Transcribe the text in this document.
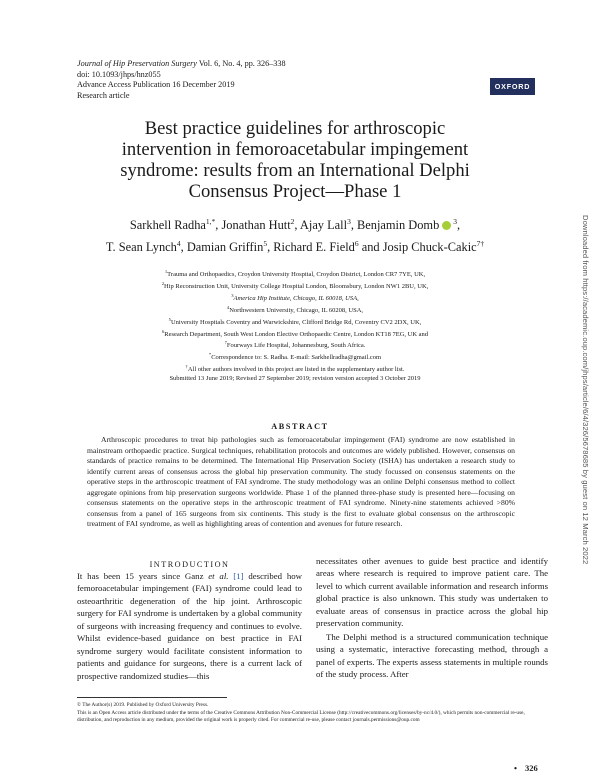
Journal of Hip Preservation Surgery Vol. 6, No. 4, pp. 326–338
doi: 10.1093/jhps/hnz055
Advance Access Publication 16 December 2019
Research article
OXFORD
Best practice guidelines for arthroscopic intervention in femoroacetabular impingement syndrome: results from an International Delphi Consensus Project—Phase 1
Sarkhell Radha$^{1,*}$, Jonathan Hutt$^2$, Ajay Lall$^3$, Benjamin Domb $^3$,
T. Sean Lynch$^4$, Damian Griffin$^5$, Richard E. Field$^6$ and Josip Chuck-Cakic$^{7\dagger}$
$^1$Trauma and Orthopaedics, Croydon University Hospital, Croydon District, London CR7 7YE, UK,
$^2$Hip Reconstruction Unit, University College Hospital London, Bloomsbury, London NW1 2BU, UK,
$^3$America Hip Institute, Chicago, IL 60018, USA,
$^4$Northwestern University, Chicago, IL 60208, USA,
$^5$University Hospitals Coventry and Warwickshire, Clifford Bridge Rd, Coventry CV2 2DX, UK,
$^6$Research Department, South West London Elective Orthopaedic Centre, London KT18 7EG, UK and
$^7$Fourways Life Hospital, Johannesburg, South Africa.
*Correspondence to: S. Radha. E-mail: Sarkhellradha@gmail.com
†All other authors involved in this project are listed in the supplementary author list.
Submitted 13 June 2019; Revised 27 September 2019; revision version accepted 3 October 2019
ABSTRACT
Arthroscopic procedures to treat hip pathologies such as femoroacetabular impingement (FAI) syndrome are now established in mainstream orthopaedic practice. Surgical techniques, rehabilitation protocols and outcomes are widely published. However, consensus on standards of practice remains to be determined. The International Hip Preservation Society (ISHA) has undertaken a research study to identify current areas of consensus across the global hip preservation community. The study focussed on consensus statements on the operative steps in the arthroscopic treatment of FAI syndrome. The study methodology was an online Delphi consensus method to collect aggregate opinions from hip preservation surgeons worldwide. Phase 1 of the planned three-phase study is presented here—focusing on consensus statements on the operative steps in the arthroscopic treatment of FAI syndrome. Ninety-nine statements achieved >80% consensus from a panel of 165 surgeons from six continents. This study is the first to evaluate global consensus on the arthroscopic treatment of FAI syndrome, as well as highlighting areas of contention and avenues for future research.
INTRODUCTION
It has been 15 years since Ganz et al. [1] described how femoroacetabular impingement (FAI) syndrome could lead to osteoarthritic degeneration of the hip joint. Arthroscopic surgery for FAI syndrome is undertaken by a global community of surgeons with increasing frequency and continues to evolve. Whilst evidence-based guidance on best practice in FAI syndrome surgery would facilitate consistent information to patients and guidance for surgeons, there is a current lack of prospective randomized studies—this

necessitates other avenues to guide best practice and identify areas where research is required to improve patient care. The level to which current available information and research informs global practice is also unknown. This study was undertaken to evaluate areas of consensus in practice across the global hip preservation community.

The Delphi method is a structured communication technique using a systematic, interactive forecasting method, through a panel of experts. The experts assess statements in multiple rounds of the study process. After

© The Author(s) 2019. Published by Oxford University Press.
This is an Open Access article distributed under the terms of the Creative Commons Attribution Non-Commercial License (http://creativecommons.org/licenses/by-nc/4.0/), which permits non-commercial re-use, distribution, and reproduction in any medium, provided the original work is properly cited. For commercial re-use, please contact journals.permissions@oup.com
• 326
Downloaded from https://academic.oup.com/jhps/article/6/4/326/5678685 by guest on 12 March 2022
